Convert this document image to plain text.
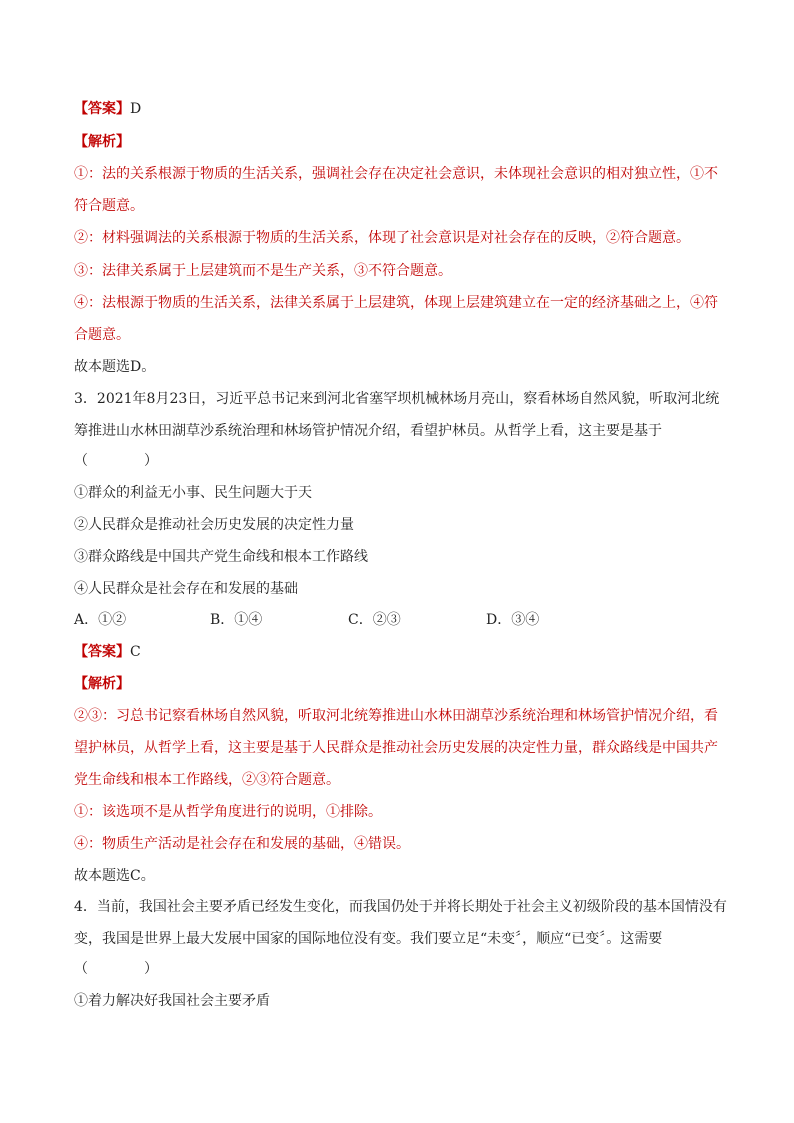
【答案】D
【解析】
①：法的关系根源于物质的生活关系，强调社会存在决定社会意识，未体现社会意识的相对独立性，①不
符合题意。
②：材料强调法的关系根源于物质的生活关系，体现了社会意识是对社会存在的反映，②符合题意。
③：法律关系属于上层建筑而不是生产关系，③不符合题意。
④：法根源于物质的生活关系，法律关系属于上层建筑，体现上层建筑建立在一定的经济基础之上，④符
合题意。
故本题选D。
3．2021年8月23日，习近平总书记来到河北省塞罕坝机械林场月亮山，察看林场自然风貌，听取河北统
筹推进山水林田湖草沙系统治理和林场管护情况介绍，看望护林员。从哲学上看，这主要是基于
（　　　　）
①群众的利益无小事、民生问题大于天
②人民群众是推动社会历史发展的决定性力量
③群众路线是中国共产党生命线和根本工作路线
④人民群众是社会存在和发展的基础
A．①②	B．①④	C．②③	D．③④
【答案】C
【解析】
②③：习总书记察看林场自然风貌，听取河北统筹推进山水林田湖草沙系统治理和林场管护情况介绍，看
望护林员，从哲学上看，这主要是基于人民群众是推动社会历史发展的决定性力量，群众路线是中国共产
党生命线和根本工作路线，②③符合题意。
①：该选项不是从哲学角度进行的说明，①排除。
④：物质生产活动是社会存在和发展的基础，④错误。
故本题选C。
4．当前，我国社会主要矛盾已经发生变化，而我国仍处于并将长期处于社会主义初级阶段的基本国情没有
变，我国是世界上最大发展中国家的国际地位没有变。我们要立足“未变〞，顺应“已变〞。这需要
（　　　　）
①着力解决好我国社会主要矛盾
